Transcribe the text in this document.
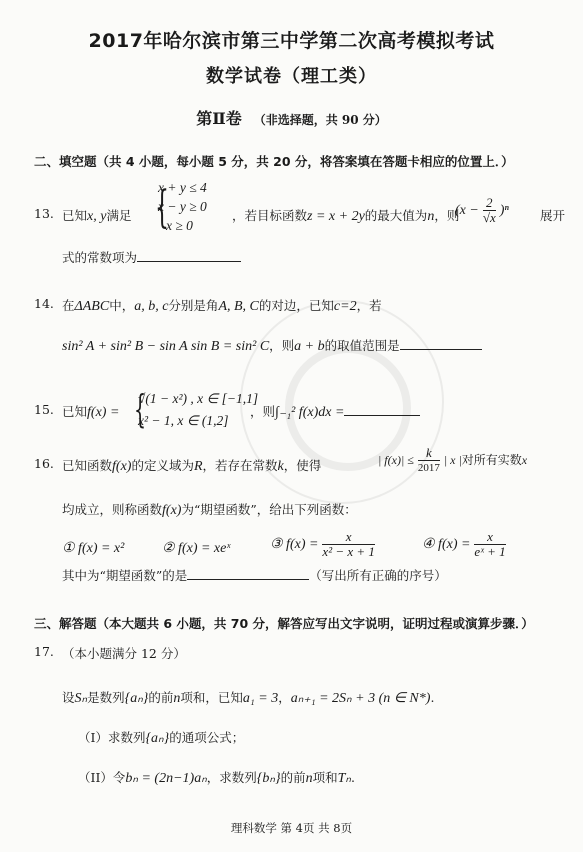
2017年哈尔滨市第三中学第二次高考模拟考试
数学试卷（理工类）
第Ⅱ卷 （非选择题，共 90 分）
二、填空题（共 4 小题，每小题 5 分，共 20 分，将答案填在答题卡相应的位置上．）
13. 已知x, y满足 {
x + y ≤ 4
x − y ≥ 0
x ≥ 0
，若目标函数z = x + 2y的最大值为n，则
$(x - \frac{2}{√x} )^n$ 展开
式的常数项为
14. 在ΔABC中，a, b, c分别是角A, B, C的对边，已知c=2，若
sin² A + sin² B − sin A sin B = sin² C，则a + b的取值范围是
15. 已知f(x) = {
√(1 − x²) , x ∈ [−1,1]
x² − 1, x ∈ (1,2]
，则∫₋₁² f(x)dx =
16. 已知函数f(x)的定义域为R，若存在常数k，使得	| $f(x)| \le \frac{k}{2017}$ | x |对所有实数x
均成立，则称函数f(x)为“期望函数”，给出下列函数：
① f(x) = x²	② f(x) = xeˣ	③ $f(x) = \frac{x}{\text{x² − x + 1}}$	④ $f(x) = \frac{x}{\text{eˣ + 1}}$
其中为“期望函数”的是	（写出所有正确的序号）
三、解答题（本大题共 6 小题，共 70 分，解答应写出文字说明，证明过程或演算步骤．）
17. （本小题满分 12 分）
设Sₙ是数列{aₙ}的前n项和，已知a₁ = 3，aₙ₊₁ = 2Sₙ + 3 (n ∈ N*).
（I）求数列{aₙ}的通项公式；
（II）令bₙ = (2n−1)aₙ，求数列{bₙ}的前n项和Tₙ.
理科数学 第 4页 共 8页
